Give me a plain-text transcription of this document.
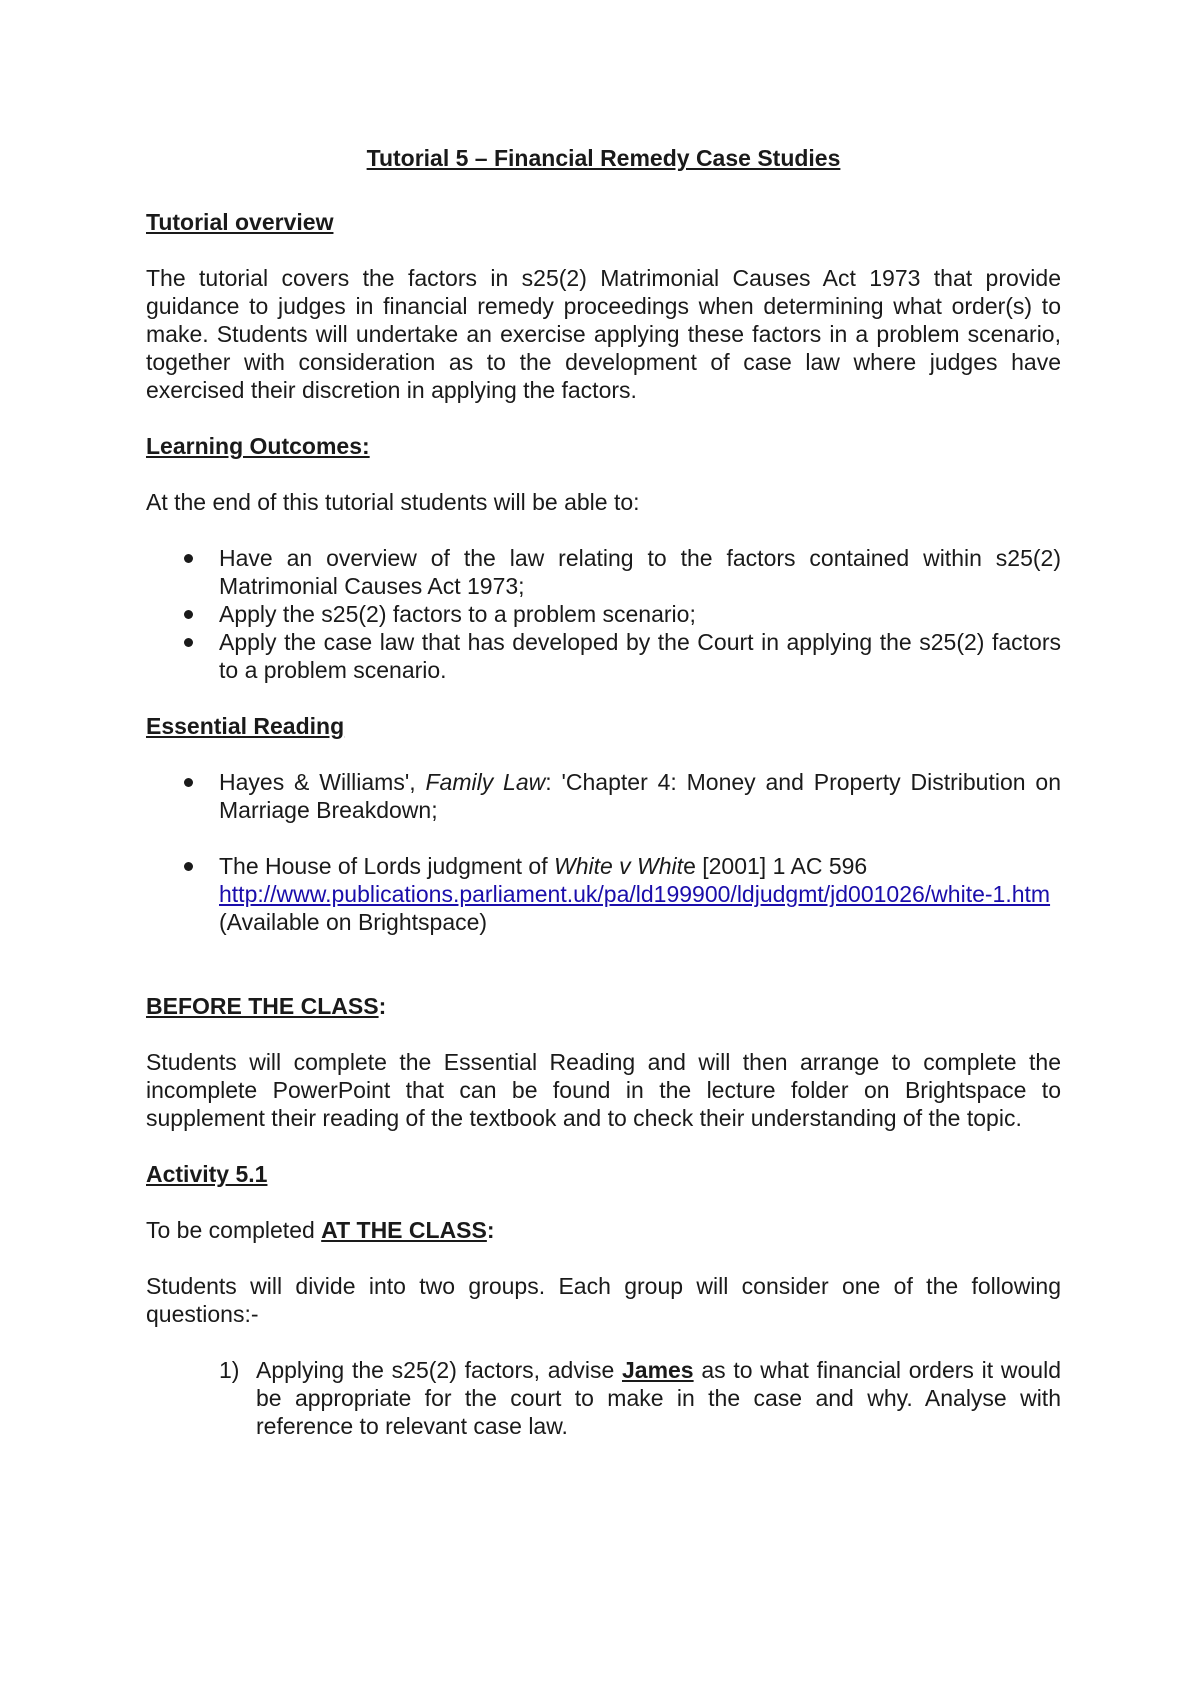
Tutorial 5 – Financial Remedy Case Studies
Tutorial overview

The tutorial covers the factors in s25(2) Matrimonial Causes Act 1973 that provide guidance to judges in financial remedy proceedings when determining what order(s) to make. Students will undertake an exercise applying these factors in a problem scenario, together with consideration as to the development of case law where judges have exercised their discretion in applying the factors.

Learning Outcomes:

At the end of this tutorial students will be able to:

Have an overview of the law relating to the factors contained within s25(2) Matrimonial Causes Act 1973;
Apply the s25(2) factors to a problem scenario;
Apply the case law that has developed by the Court in applying the s25(2) factors to a problem scenario.
Essential Reading
Hayes & Williams', Family Law: 'Chapter 4: Money and Property Distribution on Marriage Breakdown;
The House of Lords judgment of White v White [2001] 1 AC 596
http://www.publications.parliament.uk/pa/ld199900/ldjudgmt/jd001026/white-1.htm (Available on Brightspace)
BEFORE THE CLASS:

Students will complete the Essential Reading and will then arrange to complete the incomplete PowerPoint that can be found in the lecture folder on Brightspace to supplement their reading of the textbook and to check their understanding of the topic.

Activity 5.1

To be completed AT THE CLASS:

Students will divide into two groups. Each group will consider one of the following questions:-

1) Applying the s25(2) factors, advise James as to what financial orders it would be appropriate for the court to make in the case and why. Analyse with reference to relevant case law.
